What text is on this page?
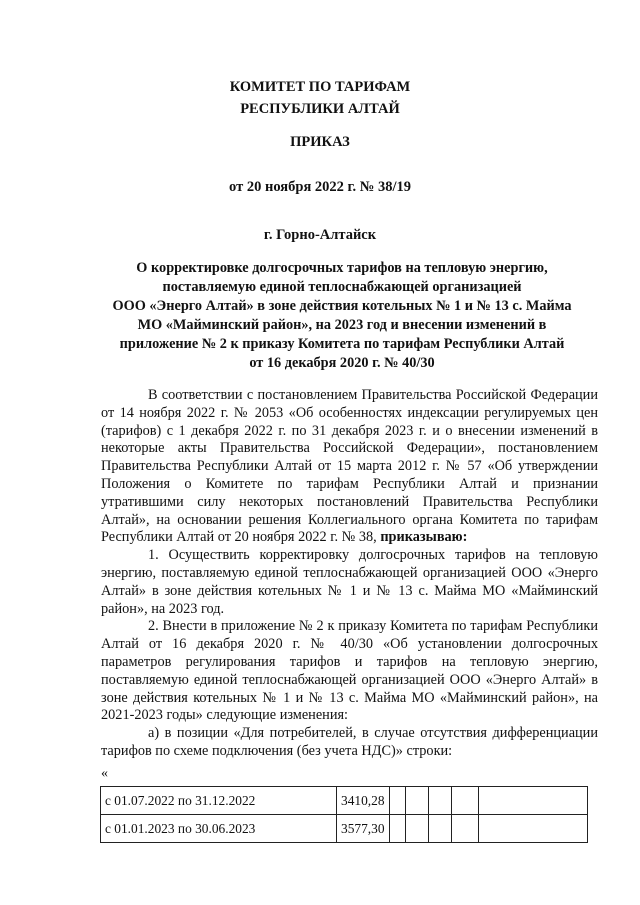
КОМИТЕТ ПО ТАРИФАМ
РЕСПУБЛИКИ АЛТАЙ
ПРИКАЗ
от 20 ноября 2022 г. № 38/19
г. Горно-Алтайск
О корректировке долгосрочных тарифов на тепловую энергию,
поставляемую единой теплоснабжающей организацией
ООО «Энерго Алтай» в зоне действия котельных № 1 и № 13 с. Майма
МО «Майминский район», на 2023 год и внесении изменений в
приложение № 2 к приказу Комитета по тарифам Республики Алтай
от 16 декабря 2020 г. № 40/30

В соответствии с постановлением Правительства Российской Федерации от 14 ноября 2022 г. № 2053 «Об особенностях индексации регулируемых цен (тарифов) с 1 декабря 2022 г. по 31 декабря 2023 г. и о внесении изменений в некоторые акты Правительства Российской Федерации», постановлением Правительства Республики Алтай от 15 марта 2012 г. № 57 «Об утверждении Положения о Комитете по тарифам Республики Алтай и признании утратившими силу некоторых постановлений Правительства Республики Алтай», на основании решения Коллегиального органа Комитета по тарифам Республики Алтай от 20 ноября 2022 г. № 38, приказываю:

1. Осуществить корректировку долгосрочных тарифов на тепловую энергию, поставляемую единой теплоснабжающей организацией ООО «Энерго Алтай» в зоне действия котельных № 1 и № 13 с. Майма МО «Майминский район», на 2023 год.

2. Внести в приложение № 2 к приказу Комитета по тарифам Республики Алтай от 16 декабря 2020 г. № 40/30 «Об установлении долгосрочных параметров регулирования тарифов и тарифов на тепловую энергию, поставляемую единой теплоснабжающей организацией ООО «Энерго Алтай» в зоне действия котельных № 1 и № 13 с. Майма МО «Майминский район», на 2021-2023 годы» следующие изменения:

а) в позиции «Для потребителей, в случае отсутствия дифференциации тарифов по схеме подключения (без учета НДС)» строки:

«
с 01.07.2022 по 31.12.2022	3410,28					
с 01.01.2023 по 30.06.2023	3577,30					
